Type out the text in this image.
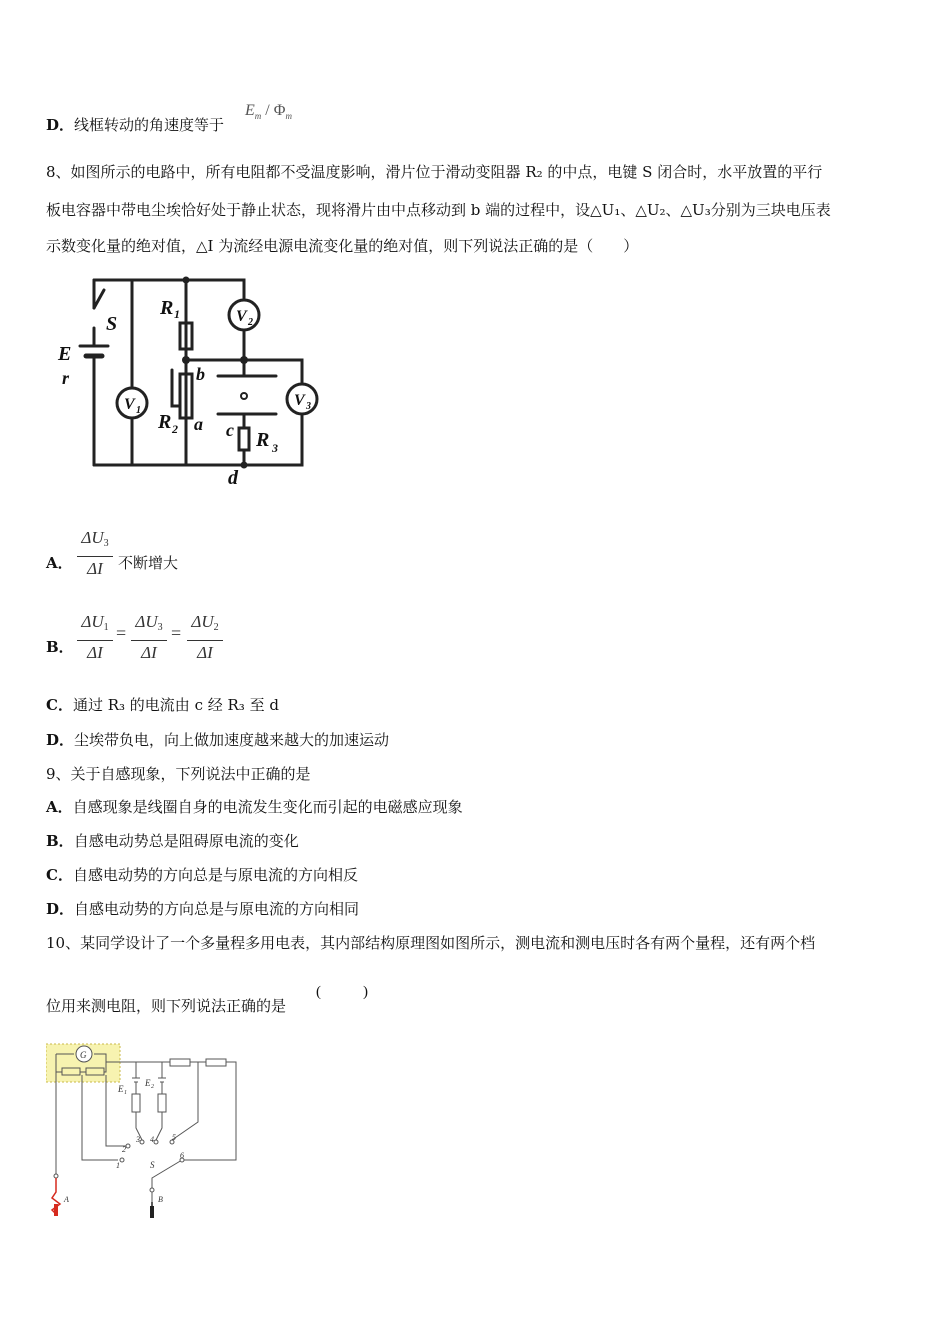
D．线框转动的角速度等于
$E_m / \Phi_m$
8、如图所示的电路中，所有电阻都不受温度影响，滑片位于滑动变阻器 R₂ 的中点，电键 S 闭合时，水平放置的平行
板电容器中带电尘埃恰好处于静止状态，现将滑片由中点移动到 b 端的过程中，设△U₁、△U₂、△U₃分别为三块电压表
示数变化量的绝对值，△I 为流经电源电流变化量的绝对值，则下列说法正确的是（　　）
V 1
V 2
V 3
S
E
r
R 1
R 2	R 3
a
b
c
d
A．
$\Delta U_3$
ΔI	不断增大
B．
$\Delta U_1$
ΔI
=
$\Delta U_3$
ΔI
=
$\Delta U_2$
ΔI
C．通过 R₃ 的电流由 c 经 R₃ 至 d
D．尘埃带负电，向上做加速度越来越大的加速运动
9、关于自感现象，下列说法中正确的是
A．自感现象是线圈自身的电流发生变化而引起的电磁感应现象
B．自感电动势总是阻碍原电流的变化
C．自感电动势的方向总是与原电流的方向相反
D．自感电动势的方向总是与原电流的方向相同
10、某同学设计了一个多量程多用电表，其内部结构原理图如图所示，测电流和测电压时各有两个量程，还有两个档
位用来测电阻，则下列说法正确的是
(	)
G
E 1
E 2
1
2
3 4 5
6
S
A	B
